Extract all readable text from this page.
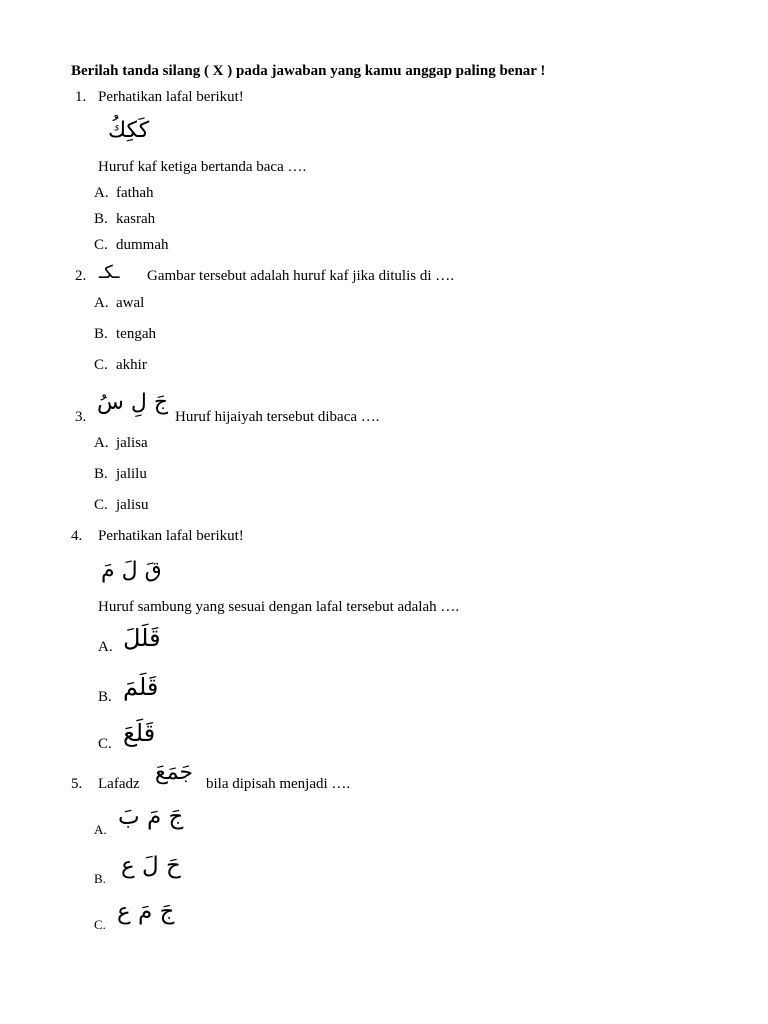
Berilah tanda silang ( X ) pada jawaban yang kamu anggap paling benar !
1. Perhatikan lafal berikut!
كَكِكُ
Huruf kaf ketiga bertanda baca ….
A. fathah
B. kasrah
C. dummah
2. ـكـ Gambar tersebut adalah huruf kaf jika ditulis di ….
A. awal
B. tengah
C. akhir
3.
جَ لِ سُ
Huruf hijaiyah tersebut dibaca ….
A. jalisa
B. jalilu
C. jalisu
4. Perhatikan lafal berikut!
قَ لَ مَ
Huruf sambung yang sesuai dengan lafal tersebut adalah ….
A. قَلَلَ
B. قَلَمَ
C. قَلَعَ
5. Lafadz جَمَعَ bila dipisah menjadi ….
A. جَ مَ بَ
B. حَ لَ ع
C. جَ مَ ع
